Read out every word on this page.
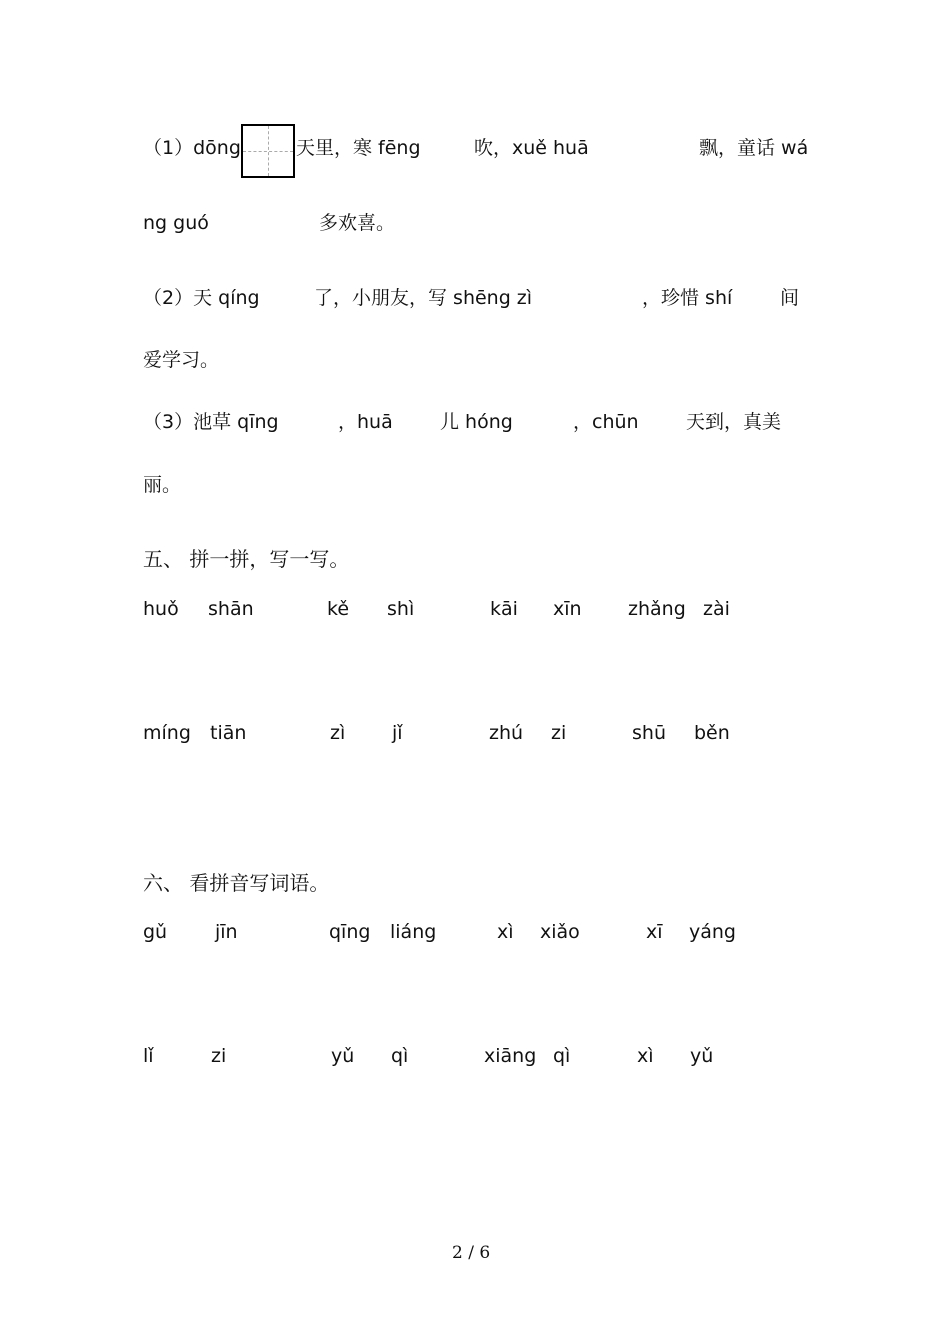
（1）dōng	天里，寒 fēng	吹，xuě huā	飘，童话 wá
ng guó	多欢喜。
（2）天 qíng	了，小朋友，写 shēng zì	，珍惜 shí	间
爱学习。
（3）池草 qīng	，huā 儿 hóng	，chūn 天到，真美
丽。
五、 拼一拼，写一写。
huǒ shān	kě shì	kāi xīn zhǎng zài
míng tiān	zì jǐ	zhú zi	shū běn
六、 看拼音写词语。
gǔ	jīn	qīng liáng	xì xiǎo	xī yáng
lǐ	zi	yǔ qì	xiāng qì	xì yǔ
2 / 6
